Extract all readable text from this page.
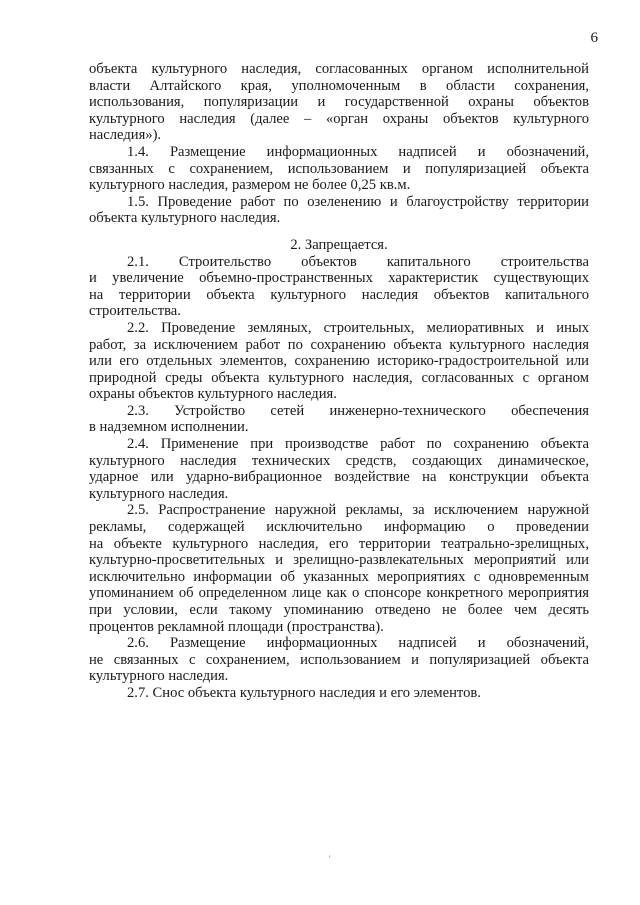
6
объекта культурного наследия, согласованных органом исполнительной
власти Алтайского края, уполномоченным в области сохранения,
использования, популяризации и государственной охраны объектов
культурного наследия (далее – «орган охраны объектов культурного
наследия»).
1.4. Размещение информационных надписей и обозначений,
связанных с сохранением, использованием и популяризацией объекта
культурного наследия, размером не более 0,25 кв.м.
1.5. Проведение работ по озеленению и благоустройству территории
объекта культурного наследия.
2. Запрещается.
2.1. Строительство объектов капитального строительства
и увеличение объемно-пространственных характеристик существующих
на территории объекта культурного наследия объектов капитального
строительства.
2.2. Проведение земляных, строительных, мелиоративных и иных
работ, за исключением работ по сохранению объекта культурного наследия
или его отдельных элементов, сохранению историко-градостроительной или
природной среды объекта культурного наследия, согласованных с органом
охраны объектов культурного наследия.
2.3. Устройство сетей инженерно-технического обеспечения
в надземном исполнении.
2.4. Применение при производстве работ по сохранению объекта
культурного наследия технических средств, создающих динамическое,
ударное или ударно-вибрационное воздействие на конструкции объекта
культурного наследия.
2.5. Распространение наружной рекламы, за исключением наружной
рекламы, содержащей исключительно информацию о проведении
на объекте культурного наследия, его территории театрально-зрелищных,
культурно-просветительных и зрелищно-развлекательных мероприятий или
исключительно информации об указанных мероприятиях с одновременным
упоминанием об определенном лице как о спонсоре конкретного мероприятия
при условии, если такому упоминанию отведено не более чем десять
процентов рекламной площади (пространства).
2.6. Размещение информационных надписей и обозначений,
не связанных с сохранением, использованием и популяризацией объекта
культурного наследия.
2.7. Снос объекта культурного наследия и его элементов.
'
